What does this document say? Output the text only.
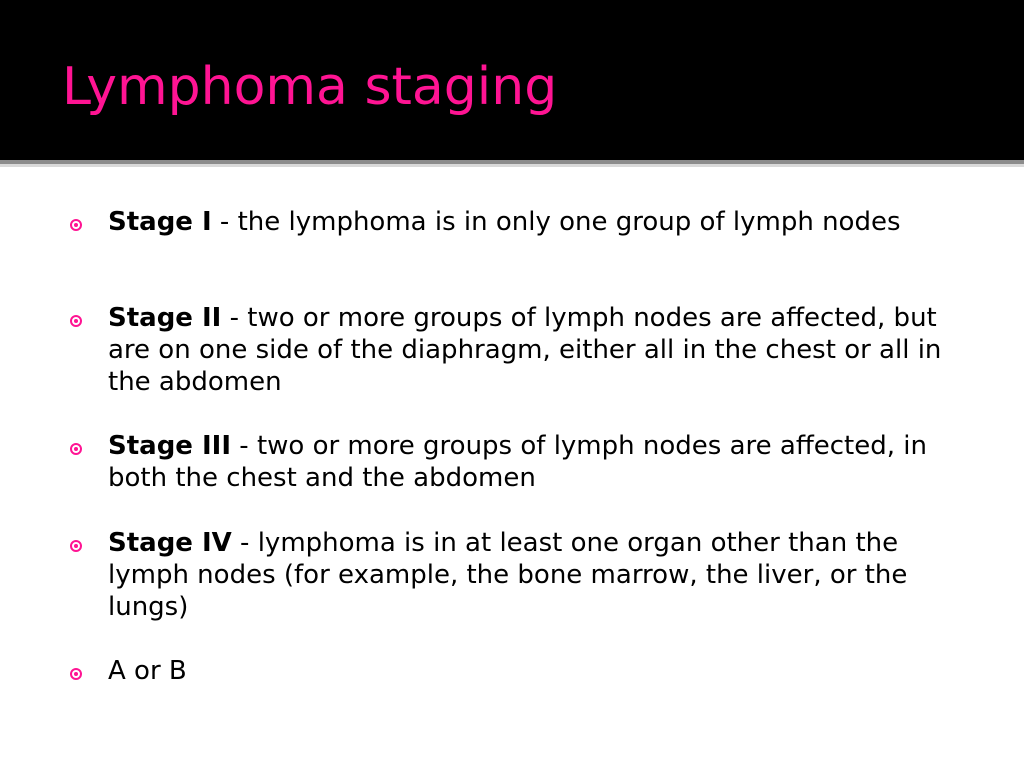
Lymphoma staging
Stage I - the lymphoma is in only one group of lymph nodes
Stage II - two or more groups of lymph nodes are affected, but are on one side of the diaphragm, either all in the chest or all in the abdomen
Stage III - two or more groups of lymph nodes are affected, in both the chest and the abdomen
Stage IV - lymphoma is in at least one organ other than the lymph nodes (for example, the bone marrow, the liver, or the lungs)
A or B
